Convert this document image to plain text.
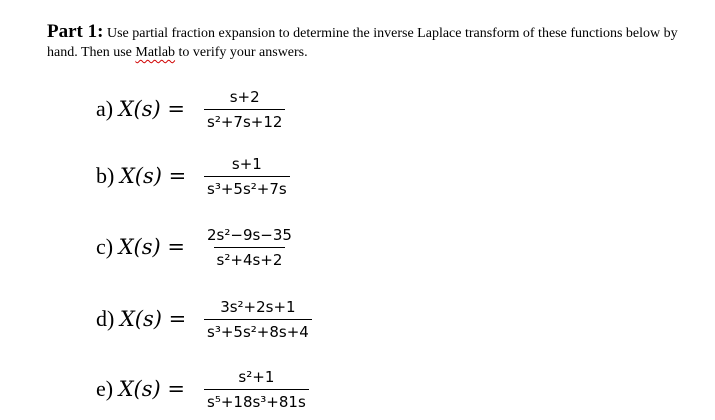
Part 1: Use partial fraction expansion to determine the inverse Laplace transform of these functions below by hand. Then use Matlab to verify your answers.
a) X(s) =	$\frac{s+2}{\text{s²+7s+12}}$
b) X(s) =	$\frac{s+1}{\text{s³+5s²+7s}}$
c) X(s) =	$\frac{\text{2s²−9s−35}}{\text{s²+4s+2}}$
d) X(s) =	$\frac{\text{3s²+2s+1}}{\text{s³+5s²+8s+4}}$
e) X(s) =	$\frac{\text{s²+1}}{\text{s⁵+18s³+81s}}$
